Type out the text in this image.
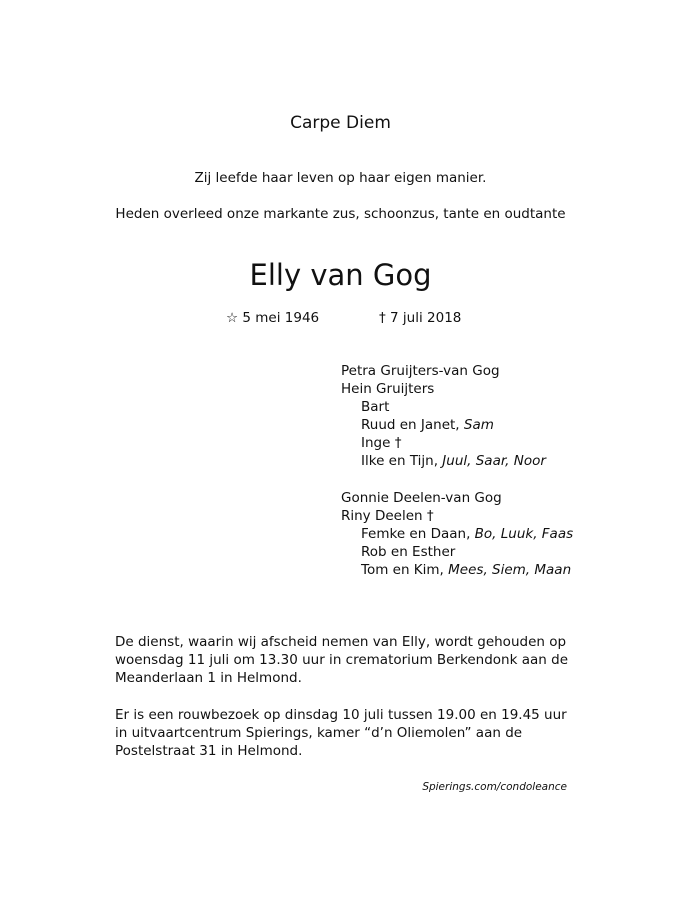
Carpe Diem
Zij leefde haar leven op haar eigen manier.
Heden overleed onze markante zus, schoonzus, tante en oudtante
Elly van Gog
☆ 5 mei 1946	† 7 juli 2018
Petra Gruijters-van Gog
Hein Gruijters
Bart
Ruud en Janet, Sam
Inge †
Ilke en Tijn, Juul, Saar, Noor
Gonnie Deelen-van Gog
Riny Deelen †
Femke en Daan, Bo, Luuk, Faas
Rob en Esther
Tom en Kim, Mees, Siem, Maan
De dienst, waarin wij afscheid nemen van Elly, wordt gehouden op
woensdag 11 juli om 13.30 uur in crematorium Berkendonk aan de
Meanderlaan 1 in Helmond.
Er is een rouwbezoek op dinsdag 10 juli tussen 19.00 en 19.45 uur
in uitvaartcentrum Spierings, kamer “d’n Oliemolen” aan de
Postelstraat 31 in Helmond.
Spierings.com/condoleance
